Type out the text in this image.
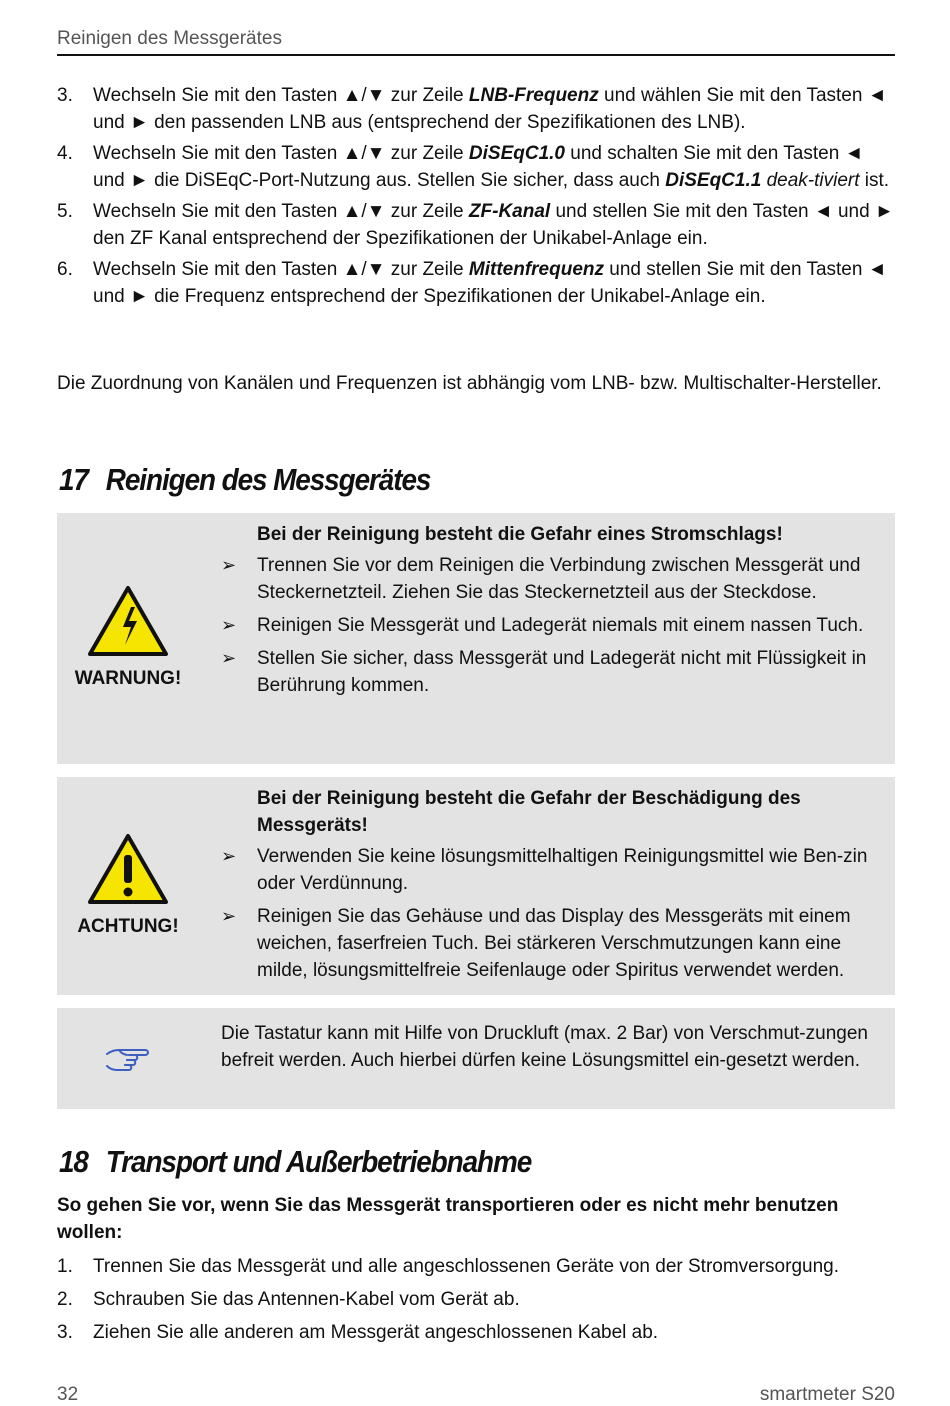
Reinigen des Messgerätes
3. Wechseln Sie mit den Tasten ▲/▼ zur Zeile LNB-Frequenz und wählen Sie mit den Tasten ◄ und ► den passenden LNB aus (entsprechend der Spezifikationen des LNB).
4. Wechseln Sie mit den Tasten ▲/▼ zur Zeile DiSEqC1.0 und schalten Sie mit den Tasten ◄ und ► die DiSEqC-Port-Nutzung aus. Stellen Sie sicher, dass auch DiSEqC1.1 deak-tiviert ist.
5. Wechseln Sie mit den Tasten ▲/▼ zur Zeile ZF-Kanal und stellen Sie mit den Tasten ◄ und ► den ZF Kanal entsprechend der Spezifikationen der Unikabel-Anlage ein.
6. Wechseln Sie mit den Tasten ▲/▼ zur Zeile Mittenfrequenz und stellen Sie mit den Tasten ◄ und ► die Frequenz entsprechend der Spezifikationen der Unikabel-Anlage ein.

Die Zuordnung von Kanälen und Frequenzen ist abhängig vom LNB- bzw. Multischalter-Hersteller.

17 Reinigen des Messgerätes
WARNUNG!
Bei der Reinigung besteht die Gefahr eines Stromschlags!
➢ Trennen Sie vor dem Reinigen die Verbindung zwischen Messgerät und Steckernetzteil. Ziehen Sie das Steckernetzteil aus der Steckdose.
➢ Reinigen Sie Messgerät und Ladegerät niemals mit einem nassen Tuch.
➢ Stellen Sie sicher, dass Messgerät und Ladegerät nicht mit Flüssigkeit in Berührung kommen.
ACHTUNG!
Bei der Reinigung besteht die Gefahr der Beschädigung des Messgeräts!
➢ Verwenden Sie keine lösungsmittelhaltigen Reinigungsmittel wie Ben-zin oder Verdünnung.
➢ Reinigen Sie das Gehäuse und das Display des Messgeräts mit einem weichen, faserfreien Tuch. Bei stärkeren Verschmutzungen kann eine milde, lösungsmittelfreie Seifenlauge oder Spiritus verwendet werden.
Die Tastatur kann mit Hilfe von Druckluft (max. 2 Bar) von Verschmut-zungen befreit werden. Auch hierbei dürfen keine Lösungsmittel ein-gesetzt werden.
18 Transport und Außerbetriebnahme

So gehen Sie vor, wenn Sie das Messgerät transportieren oder es nicht mehr benutzen wollen:

1. Trennen Sie das Messgerät und alle angeschlossenen Geräte von der Stromversorgung.
2. Schrauben Sie das Antennen-Kabel vom Gerät ab.
3. Ziehen Sie alle anderen am Messgerät angeschlossenen Kabel ab.
32	smartmeter S20
